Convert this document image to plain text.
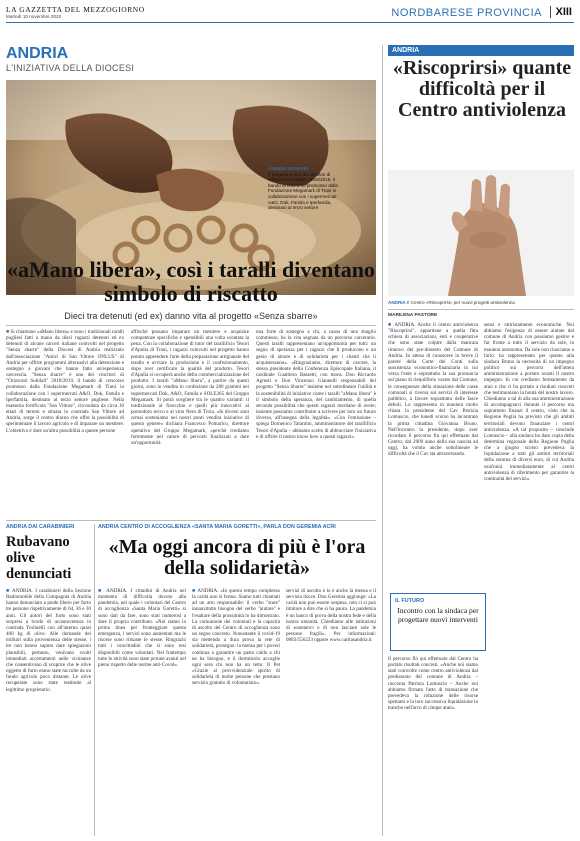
LA GAZZETTA DEL MEZZOGIORNO
Martedì 10 novembre 2020	NORDBARESE PROVINCIA	XIII
ANDRIA
L'INIZIATIVA DELLA DIOCESI
«SENZA SBARRE»
Il progetto è uno dei vincitori di «Orizzonti Solidali» 2018/2019, il bando di concorso promosso dalla Fondazione Megamark di Trani in collaborazione con i supermercati A&O, Dok, Famila e Iperfamila, destinato al terzo settore
ANDRIA
«Riscoprirsi» quante difficoltà per il Centro antiviolenza
ANDRIA Il Centro «Riscoprirsi» per nuovi progetti antiviolenza
«aMano libera», così i taralli diventano simbolo di riscatto
Dieci tra detenuti (ed ex) danno vita al progetto «Senza sbarre»
■ Si chiamano «aMano libera» e sono i tradizionali taralli pugliesi fatti a mano da dieci ragazzi detenuti ed ex detenuti di alcune carceri italiane coinvolti nel progetto "Senza sbarre" della Diocesi di Andria realizzato dall'associazione "Amici di San Vittore ONLUS" di Andria per offrire programmi alternativi alla detenzione e sostegno a giovani che hanno fatto un'esperienza carceraria. "Senza sbarre" è uno dei vincitori di "Orizzonti Solidali" 2018/2019, il bando di concorso promosso dalla Fondazione Megamark di Trani in collaborazione con i supermercati A&O, Dok, Famila e Iperfamila, destinato al terzo settore pugliese. Nella masseria fortificata "San Vittore", circondata da circa 10 ettari di terreni e situata in contrada San Vittore ad Andria, sorge il centro diurno che offre la possibilità di sperimentare il lavoro agricolo e di imparare un mestiere. L'obiettivo è dare un'altra possibilità a queste persone
affinché possano imparare un mestiere e acquisire competenze specifiche e spendibili una volta scontata la pena. Con la collaborazione di tutor del tarallificio Tesori d'Apulia di Trani, i ragazzi coinvolti nel progetto hanno potuto apprendere l'arte della preparazione artigianale del tarallo e avviare la produzione e il confezionamento, dopo aver certificato la qualità del prodotto. Tesori d'Apulia si occuperà anche della commercializzazione del prodotto. I taralli "aMano libera", a partire da questi giorni, sono in vendita in confezione da 280 grammi nei supermercati Dok, A&O, Famila e SOLE365 del Gruppo Megamark. Si potrà scegliere tra le quattro varianti: il tradizionale al finocchio e quelli più innovativi al pomodoro secco e al vino Nero di Troia. «In diversi anni ormai sosteniamo nei nostri punti vendita iniziative di questo genere» dichiara Francesco Pomarico, direttore operativo del Gruppo Megamark, «perché crediamo fortemente nel valore di percorsi finalizzati a dare un'opportunità
una forte di sostegno a chi, a causa di uno sbaglio commesso, ha la vita segnata da un percorso carcerario. Questi taralli rappresentano un'opportunità per tutti: un segno di speranza per i ragazzi che li producono e un gesto di amore e di solidarietà per i clienti che li acquisteranno». «Ringraziamo, direttore di carcere, la stessa presidente della Conferenza Episcopale Italiana, il cardinale Gualtiero Bassetti, con mons. Don Riccardo Agresti e Don Vincenzo Giannelli responsabili del progetto "Senza Sbarre" insieme nel sottolineare l'utilità e la sostenibilità di iniziative come i taralli "aMano libera" è il simbolo della speranza, del cambiamento, di quella seconda possibilità che questi ragazzi meritano di avere; insieme possiamo contribuire a scrivere per loro un futuro diverso, all'insegna della legalità». «Con l'emissione – spiega Domenico Tarantini, amministratore del tarallificio Tesori d'Apulia – abbiamo scelto di abbracciare l'iniziativa e di offrire il nostro know how a questi ragazzi».
MARILENA PASTORE
■ ANDRIA. Anche il centro antiviolenza "Riscoprirsi", appartiene a quella fitta schiera di associazioni, enti e cooperative che sono state colpite dalla mancata rinnovo del pre-dissesto del Comune di Andria. In attesa di conoscere in breve il parere della Corte dei Conti sulla sussistenza economico-finanziaria in cui versa l'ente e soprattutto la sua pronuncia sul piano di riequilibrio varato dal Comune, le conseguenze della situazione delle casse comunali si riversa sui servizi di interesse pubblico, a favore soprattutto delle fasce deboli. Lo rappresenta in maniera molto chiara la presidente del Cav Patrizia Lomuscio, che lunedì scorso ha incontrato la prima cittadina Giovanna Bruno. Nell'incontro la presidente, dopo aver ricordato il percorso fin qui effettuato dal Centro, dal 2009 anno della sua nascita ad oggi, ha voluto anche sottolineare le difficoltà che il Cav sta attraversando.
sensi e rattristamento economiche. Noi abbiamo l'esigenza di essere aiutate dal comune di Andria con possiamo gestire e far fronte a tutto il servizio da sole, in maniera autonoma. Da sole non riusciamo a farlo: ha rappresentato per questo alla sindaca Bruno la necessità di un impegno politico sui percorsi dell'intera amministrazione a portare avanti il nostro impegno. In cui crediamo fermamente da anni e che ci ha portato a risultati concreti che testimoniano la bontà del nostro lavoro. Chiediamo a tal di alla sua amministrazione di accompagnarci durante il percorso ma soprattutto finanzi il centro, visto che la Regione Puglia ha previsto che gli ambiti territoriali devono finanziare i centri antiviolenza. «A tal proposito – conclude Lomuscio – alla sindaca ho dato copia della determina regionale della Regione Puglia che a giugno scorso prevedeva la liquidazione a tutti gli ambiti territoriali della somma di diversi euro, di cui Andria usufruirà immediatamente ai centri antiviolenza di riferimento per garantire la continuità dei servizi».
IL FUTURO
Incontro con la sindaca per progettare nuovi interventi
Il percorso fin qui effettuato dal Centro ha portato risultati concreti. «Anche noi siamo stati coinvolte come centro antiviolenza dal predissesto del comune di Andria – racconta Patrizia Lomuscio – Anche noi abbiamo firmato l'atto di transazione che prevedeva la riduzione delle risorse spettanti e la loro successiva liquidazione in tranche nell'arco di cinque anni».
ANDRIA DAI CARABINIERI
Rubavano olive denunciati
■ ANDRIA. I carabinieri della Sezione Radiomobile della Compagnia di Andria hanno denunciato a piede libero per furto tre persone rispettivamente di 64, 36 e 30 anni. Gli autori del furto sono stati sorpresi a bordo di un'autovettura in contrada Trolinelli con all'interno quasi 400 kg di olive. Alle domande dei militari sulla provenienza delle stesse, i tre non hanno saputo dare spiegazioni plausibili, pertanto, venivano svolti immediati accertamenti nelle vicinanze che consentivano di scoprire che le olive oggetto di furto erano state raccolte da un fondo agricolo poco distante. Le olive recuperate sono state restituite al legittimo proprietario.
ANDRIA CENTRO DI ACCOGLIENZA «SANTA MARIA GORETTI», PARLA DON GEREMIA ACRI
«Ma oggi ancora di più è l'ora della solidarietà»
■ ANDRIA. I cittadini di Andria nel momento di difficoltà dovuto alla pandemia, nel quale i volontari del Centro di accoglienza «Santa Maria Goretti» si sono dati da fare, sono stati numerosi a dare il proprio contributo. «Noi siamo in prima linea per fronteggiare questa emergenza, i servizi sono aumentati ma le risorse sono rimaste le stesse. Ringrazio tutti i concittadini che si sono resi disponibili come volontari. Nel frattempo tutte le attività sono state portate avanti nel pieno rispetto delle norme anti-Covid».
■ ANDRIA. «In questo tempo complesso la carità non si ferma. Siamo tutti chiamati ad un atto responsabile: il verbo "stare" innanzitutto bisogno del verbo "aiutare" e l'esaltare della prossimità lo ha dimostrato. La comunione dei volontari e la capacità di ascolto del Centro di accoglienza sono un segno concreto. Nonostante il covid-19 sia mettendo a dura prova la rete di solidarietà, proseguo: la mensa per i poveri continua a garantire un pasto caldo a chi ne ha bisogno, e il dormitorio accoglie ogni sera chi non ha un tetto. Il Pet «Grazie al provvidenziale spirito di solidarietà di molte persone che prestano servizio gratuito di volontariato».
servizi di ascolto e lo è anche la mensa e il servizio docce. Don Geremia aggiunge: «La carità non può essere sospesa, non ci si può limitare a dire che si ha paura. La pandemia è un banco di prova della nostra fede e della nostra umanità. Chiediamo alle istituzioni di sostenerci e di non lasciare sole le persone fragili». Per informazioni: 0883/556223 oppure www.caritasandria.it
